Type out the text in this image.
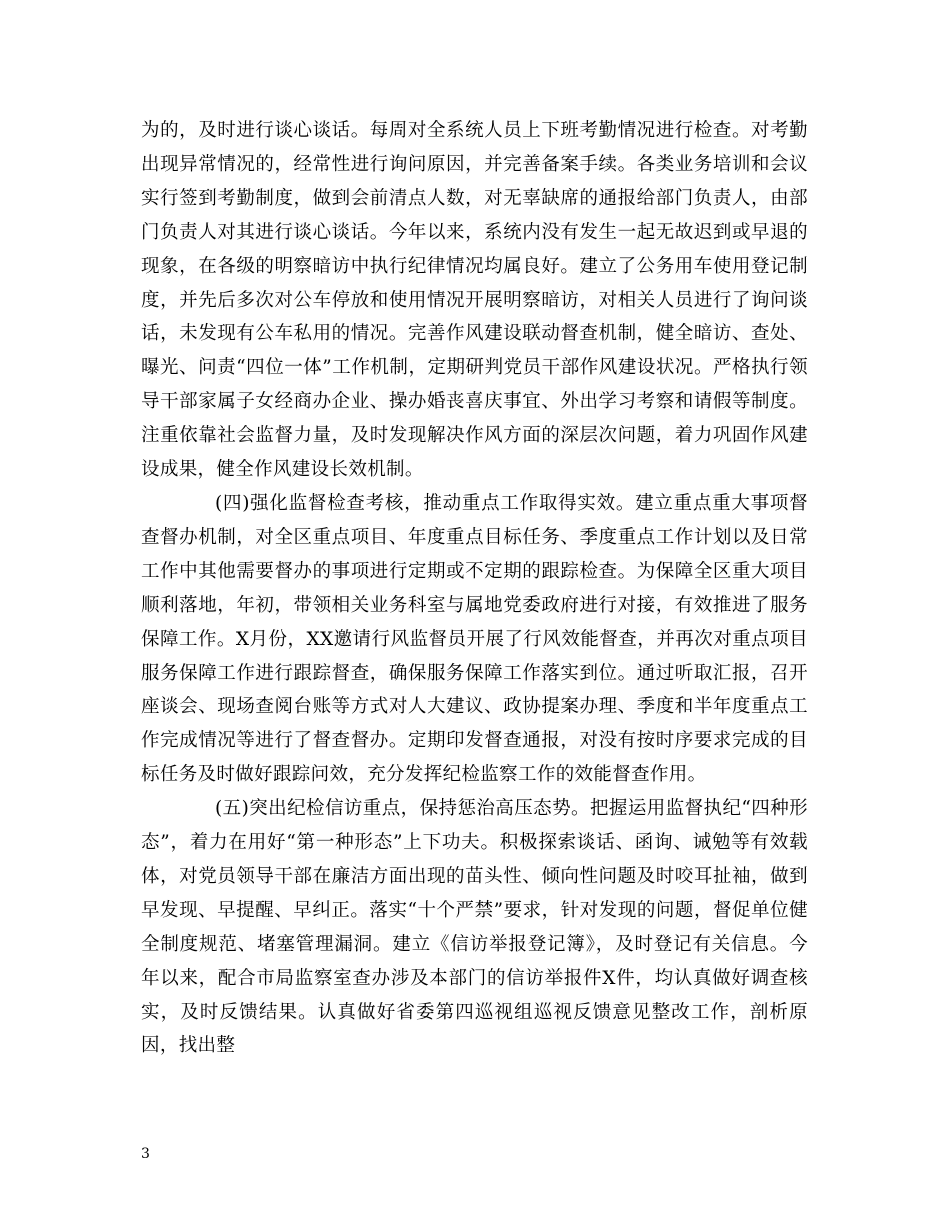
为的，及时进行谈心谈话。每周对全系统人员上下班考勤情况进行检查。对考勤出现异常情况的，经常性进行询问原因，并完善备案手续。各类业务培训和会议实行签到考勤制度，做到会前清点人数，对无辜缺席的通报给部门负责人，由部门负责人对其进行谈心谈话。今年以来，系统内没有发生一起无故迟到或早退的现象，在各级的明察暗访中执行纪律情况均属良好。建立了公务用车使用登记制度，并先后多次对公车停放和使用情况开展明察暗访，对相关人员进行了询问谈话，未发现有公车私用的情况。完善作风建设联动督查机制，健全暗访、查处、曝光、问责“四位一体”工作机制，定期研判党员干部作风建设状况。严格执行领导干部家属子女经商办企业、操办婚丧喜庆事宜、外出学习考察和请假等制度。注重依靠社会监督力量，及时发现解决作风方面的深层次问题，着力巩固作风建设成果，健全作风建设长效机制。

(四)强化监督检查考核，推动重点工作取得实效。建立重点重大事项督查督办机制，对全区重点项目、年度重点目标任务、季度重点工作计划以及日常工作中其他需要督办的事项进行定期或不定期的跟踪检查。为保障全区重大项目顺利落地，年初，带领相关业务科室与属地党委政府进行对接，有效推进了服务保障工作。X月份，XX邀请行风监督员开展了行风效能督查，并再次对重点项目服务保障工作进行跟踪督查，确保服务保障工作落实到位。通过听取汇报，召开座谈会、现场查阅台账等方式对人大建议、政协提案办理、季度和半年度重点工作完成情况等进行了督查督办。定期印发督查通报，对没有按时序要求完成的目标任务及时做好跟踪问效，充分发挥纪检监察工作的效能督查作用。

(五)突出纪检信访重点，保持惩治高压态势。把握运用监督执纪“四种形态”，着力在用好“第一种形态”上下功夫。积极探索谈话、函询、诫勉等有效载体，对党员领导干部在廉洁方面出现的苗头性、倾向性问题及时咬耳扯袖，做到早发现、早提醒、早纠正。落实“十个严禁”要求，针对发现的问题，督促单位健全制度规范、堵塞管理漏洞。建立《信访举报登记簿》，及时登记有关信息。今年以来，配合市局监察室查办涉及本部门的信访举报件X件，均认真做好调查核实，及时反馈结果。认真做好省委第四巡视组巡视反馈意见整改工作，剖析原因，找出整

3
